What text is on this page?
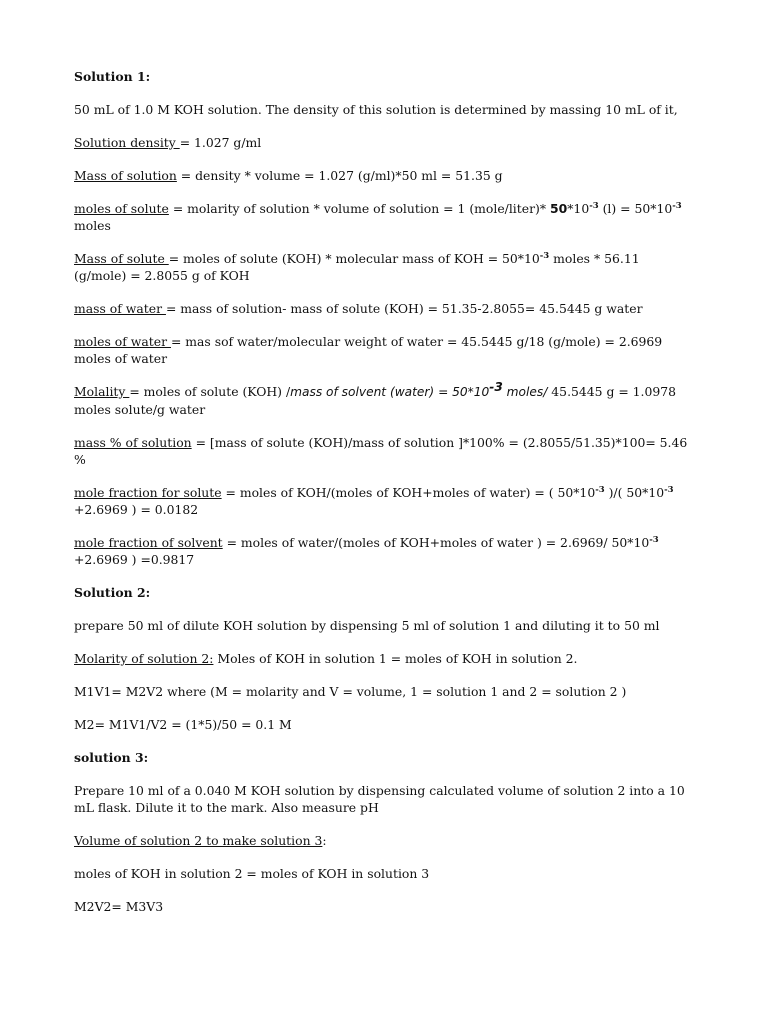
Solution 1:

50 mL of 1.0 M KOH solution. The density of this solution is determined by massing 10 mL of it,

Solution density = 1.027 g/ml

Mass of solution = density * volume = 1.027 (g/ml)*50 ml = 51.35 g

moles of solute = molarity of solution * volume of solution = 1 (mole/liter)* $50*10^{-3}$ $(l) = 50*10^{-3}$
moles

Mass of solute = moles of solute (KOH) * molecular mass of KOH = $50*10^{-3}$ moles * 56.11 (g/mole) = 2.8055 g of KOH

mass of water = mass of solution- mass of solute (KOH) = 51.35-2.8055= 45.5445 g water

moles of water = mas sof water/molecular weight of water = 45.5445 g/18 (g/mole) = 2.6969 moles of water

Molality = moles of solute (KOH) /mass of solvent (water) = $50*10^{-3}$ moles/ 45.5445 g = 1.0978 moles solute/g water

mass % of solution = [mass of solute (KOH)/mass of solution ]*100% = (2.8055/51.35)*100= 5.46 %

mole fraction for solute = moles of KOH/(moles of KOH+moles of water) = ( $50*10^{-3}$ )/( $50*10^{-3}$
+2.6969 ) = 0.0182

mole fraction of solvent = moles of water/(moles of KOH+moles of water ) = 2.6969/ $50*10^{-3}$
+2.6969 ) =0.9817

Solution 2:

prepare 50 ml of dilute KOH solution by dispensing 5 ml of solution 1 and diluting it to 50 ml

Molarity of solution 2: Moles of KOH in solution 1 = moles of KOH in solution 2.

M1V1= M2V2 where (M = molarity and V = volume, 1 = solution 1 and 2 = solution 2 )

M2= M1V1/V2 = (1*5)/50 = 0.1 M

solution 3:

Prepare 10 ml of a 0.040 M KOH solution by dispensing calculated volume of solution 2 into a 10 mL flask. Dilute it to the mark. Also measure pH

Volume of solution 2 to make solution 3:

moles of KOH in solution 2 = moles of KOH in solution 3

M2V2= M3V3
